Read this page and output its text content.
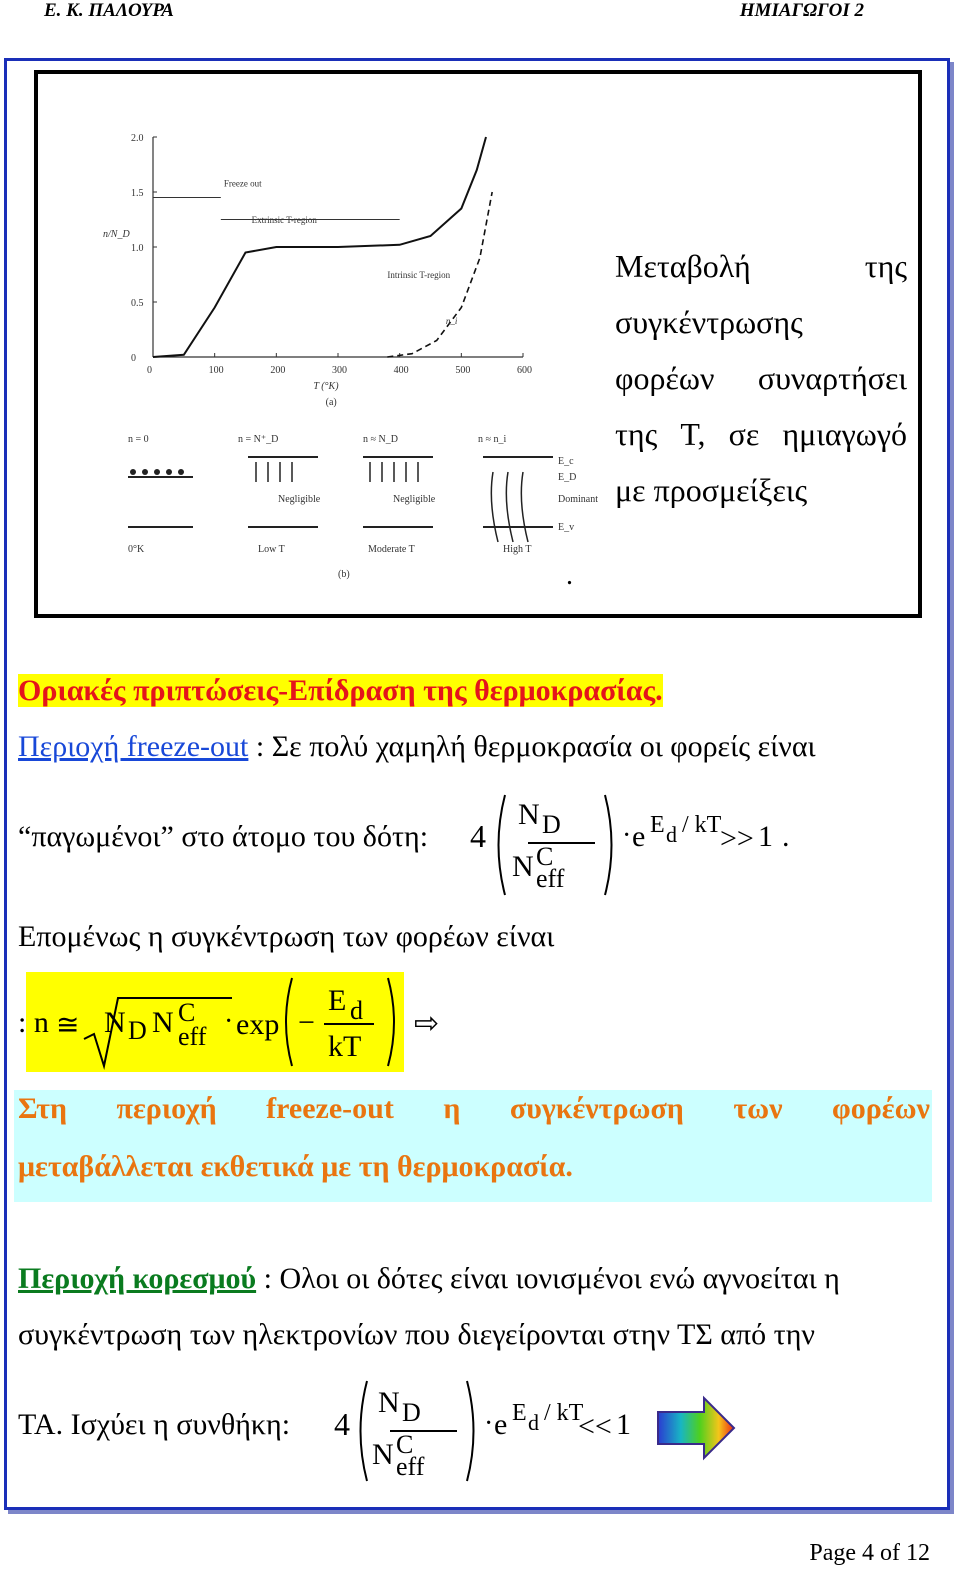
Ε. Κ. ΠΑΛΟΥΡΑ	ΗΜΙΑΓΩΓΟΙ 2
0	100	200	300	400	500	600
0
0.5
1.0
1.5
2.0
n/N_D
T (°K)
(a)
Freeze out
Extrinsic T-region
Intrinsic T-region
n_i
n = 0	n = N⁺_D	n ≈ N_D	n ≈ n_i
Negligible	Negligible	Dominant
E_c
E_D
E_v
0°K	Low T	Moderate T	High T
(b)
Μεταβολή	της
συγκέντρωσης
φορέων συναρτήσει
της Τ, σε ημιαγωγό
με προσμείξεις
.
Οριακές πριπτώσεις-Επίδραση της θερμοκρασίας.
Περιοχή freeze-out : Σε πολύ χαμηλή θερμοκρασία οι φορείς είναι
“παγωμένοι” στο άτομο του δότη: 4
N D
N C
eff
· e E d / kT
>> 1 .
Επομένως η συγκέντρωση των φορέων είναι
: n ≅ N D N C
eff · exp −
E d
kT
⇨
Στη περιοχή freeze-out η συγκέντρωση των φορέων
μεταβάλλεται εκθετικά με τη θερμοκρασία.
Περιοχή κορεσμού : Ολοι οι δότες είναι ιονισμένοι ενώ αγνοείται η
συγκέντρωση των ηλεκτρονίων που διεγείρονται στην ΤΣ από την
ΤΑ. Ισχύει η συνθήκη: 4
N D
N C
eff
· e E d / kT
<< 1
Page 4 of 12
